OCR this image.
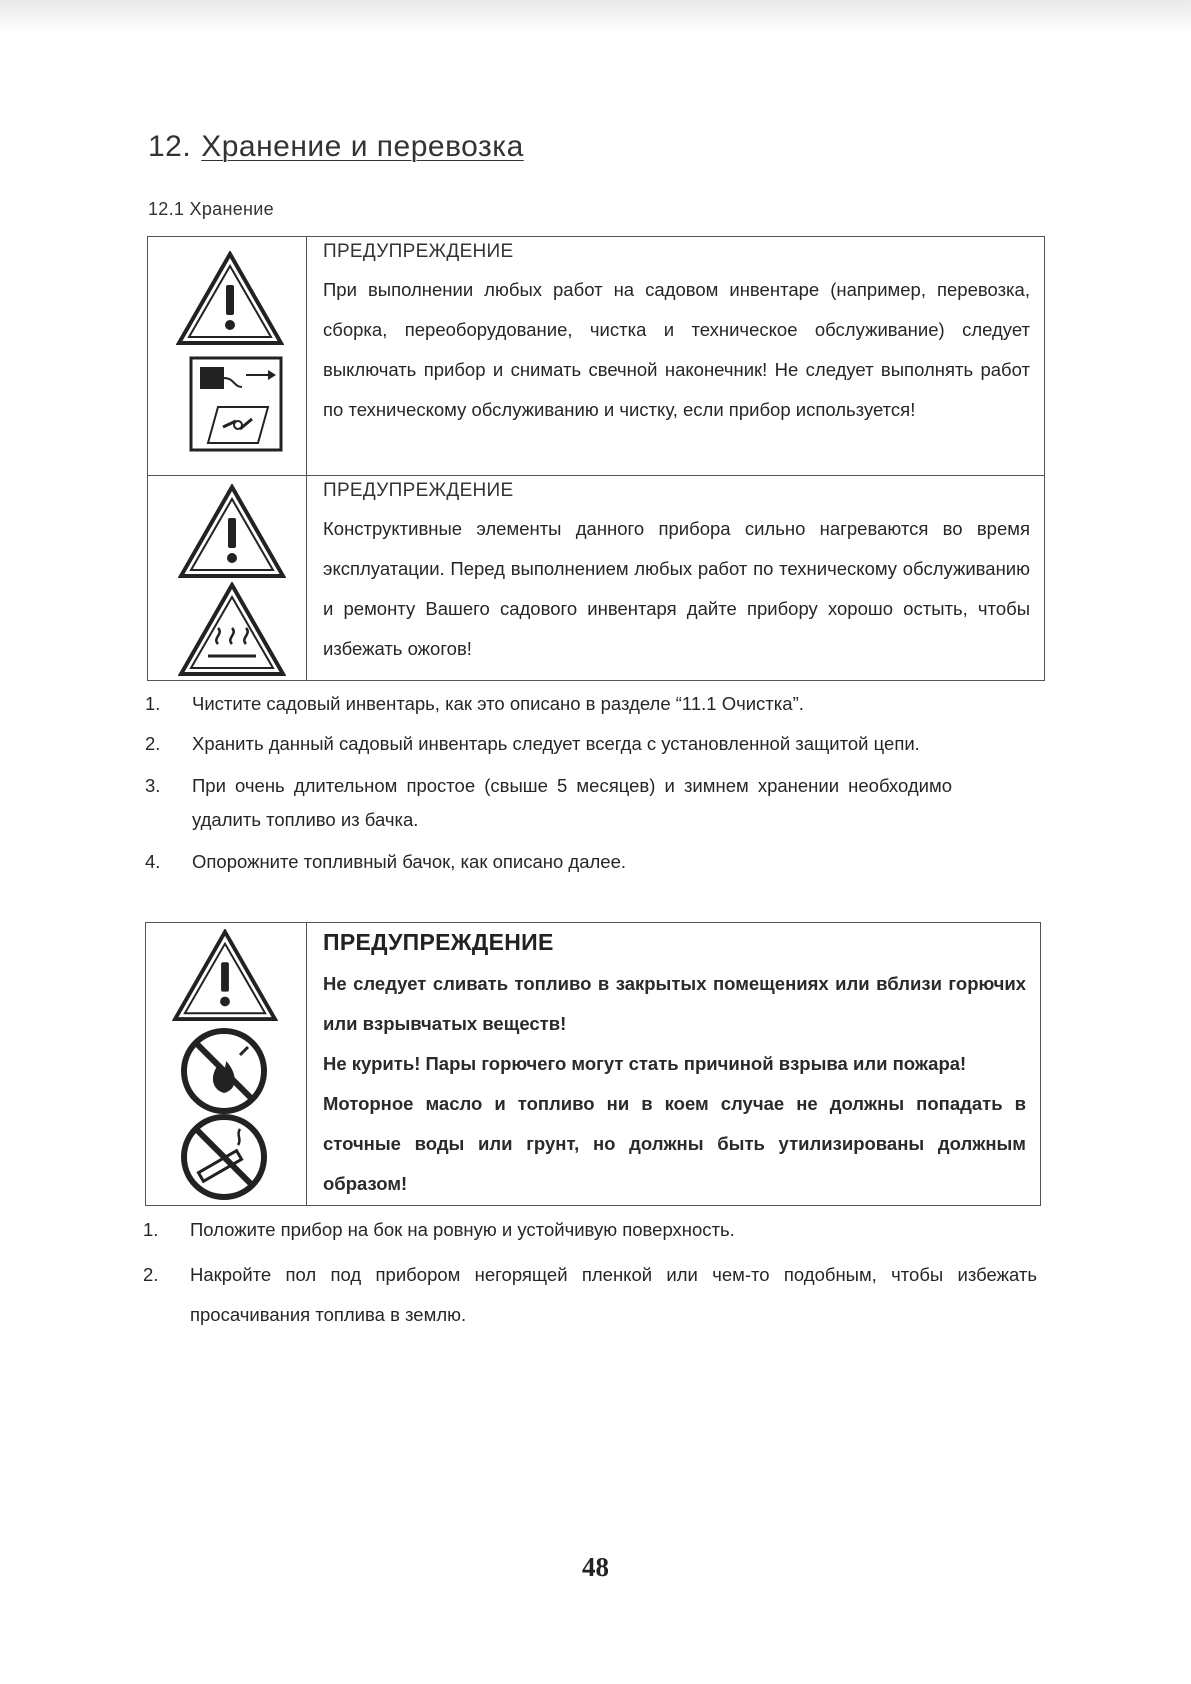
12. Хранение и перевозка
12.1 Хранение

ПРЕДУПРЕЖДЕНИЕ
При выполнении любых работ на садовом инвентаре (например, перевозка, сборка, переоборудование, чистка и техническое обслуживание) следует выключать прибор и снимать свечной наконечник! Не следует выполнять работ по техническому обслуживанию и чистку, если прибор используется!

ПРЕДУПРЕЖДЕНИЕ
Конструктивные элементы данного прибора сильно нагреваются во время эксплуатации. Перед выполнением любых работ по техническому обслуживанию и ремонту Вашего садового инвентаря дайте прибору хорошо остыть, чтобы избежать ожогов!
1. Чистите садовый инвентарь, как это описано в разделе “11.1 Очистка”.
2. Хранить данный садовый инвентарь следует всегда с установленной защитой цепи.
3. При очень длительном простое (свыше 5 месяцев) и зимнем хранении необходимо удалить топливо из бачка.
4. Опорожните топливный бачок, как описано далее.

ПРЕДУПРЕЖДЕНИЕ
Не следует сливать топливо в закрытых помещениях или вблизи горючих или взрывчатых веществ!
Не курить! Пары горючего могут стать причиной взрыва или пожара!
Моторное масло и топливо ни в коем случае не должны попадать в сточные воды или грунт, но должны быть утилизированы должным образом!
1. Положите прибор на бок на ровную и устойчивую поверхность.
2. Накройте пол под прибором негорящей пленкой или чем-то подобным, чтобы избежать просачивания топлива в землю.
48
